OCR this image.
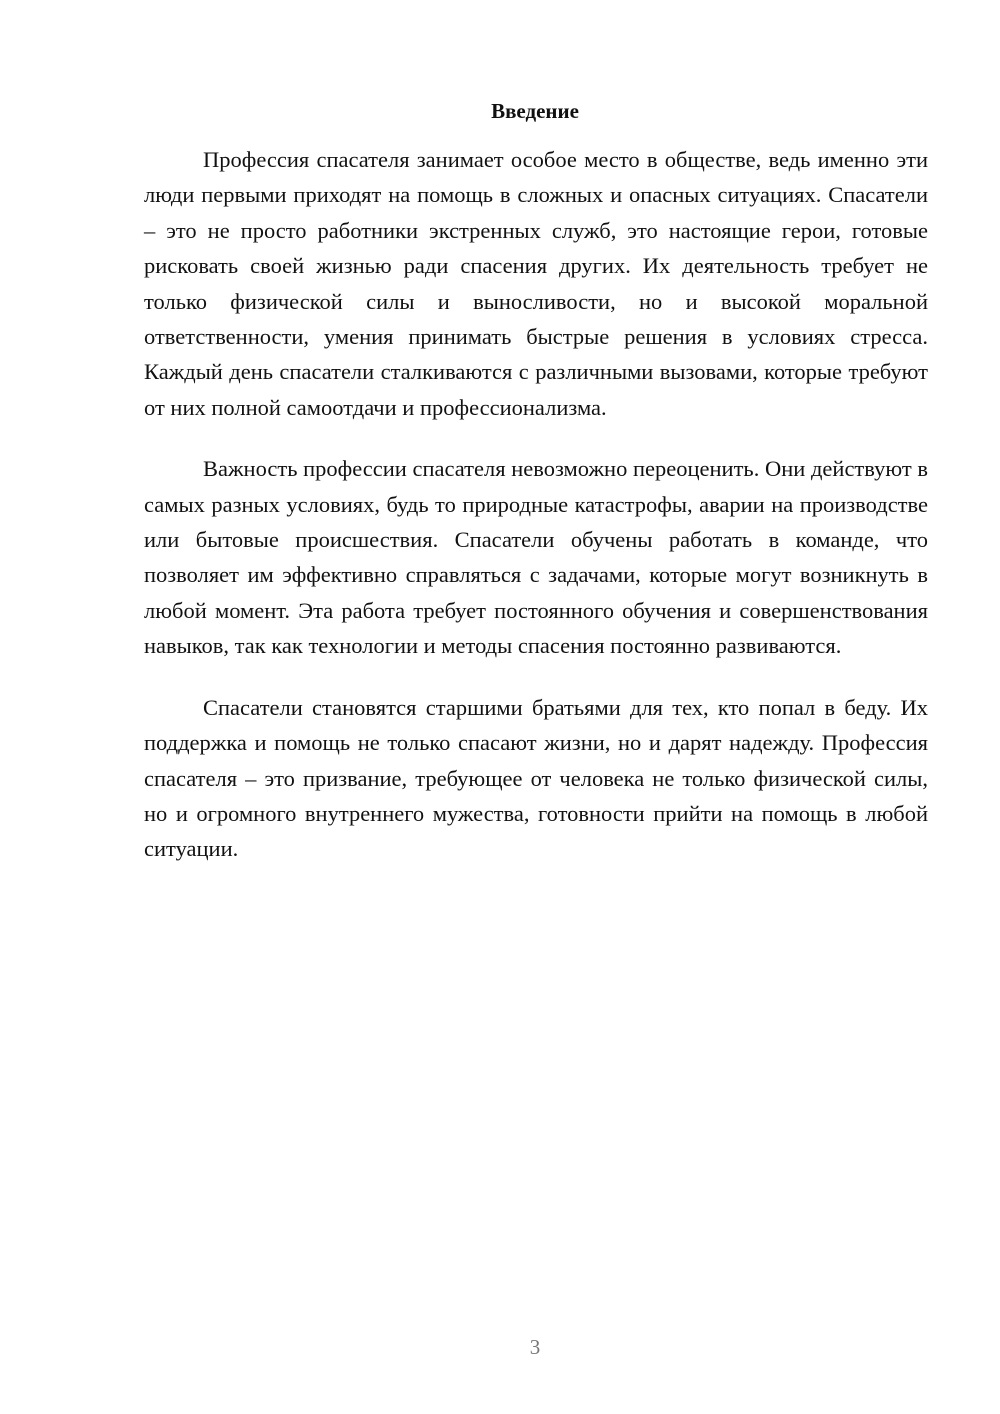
Введение

Профессия спасателя занимает особое место в обществе, ведь именно эти люди первыми приходят на помощь в сложных и опасных ситуациях. Спасатели – это не просто работники экстренных служб, это настоящие герои, готовые рисковать своей жизнью ради спасения других. Их деятельность требует не только физической силы и выносливости, но и высокой моральной ответственности, умения принимать быстрые решения в условиях стресса. Каждый день спасатели сталкиваются с различными вызовами, которые требуют от них полной самоотдачи и профессионализма.

Важность профессии спасателя невозможно переоценить. Они действуют в самых разных условиях, будь то природные катастрофы, аварии на производстве или бытовые происшествия. Спасатели обучены работать в команде, что позволяет им эффективно справляться с задачами, которые могут возникнуть в любой момент. Эта работа требует постоянного обучения и совершенствования навыков, так как технологии и методы спасения постоянно развиваются.

Спасатели становятся старшими братьями для тех, кто попал в беду. Их поддержка и помощь не только спасают жизни, но и дарят надежду. Профессия спасателя – это призвание, требующее от человека не только физической силы, но и огромного внутреннего мужества, готовности прийти на помощь в любой ситуации.

3
